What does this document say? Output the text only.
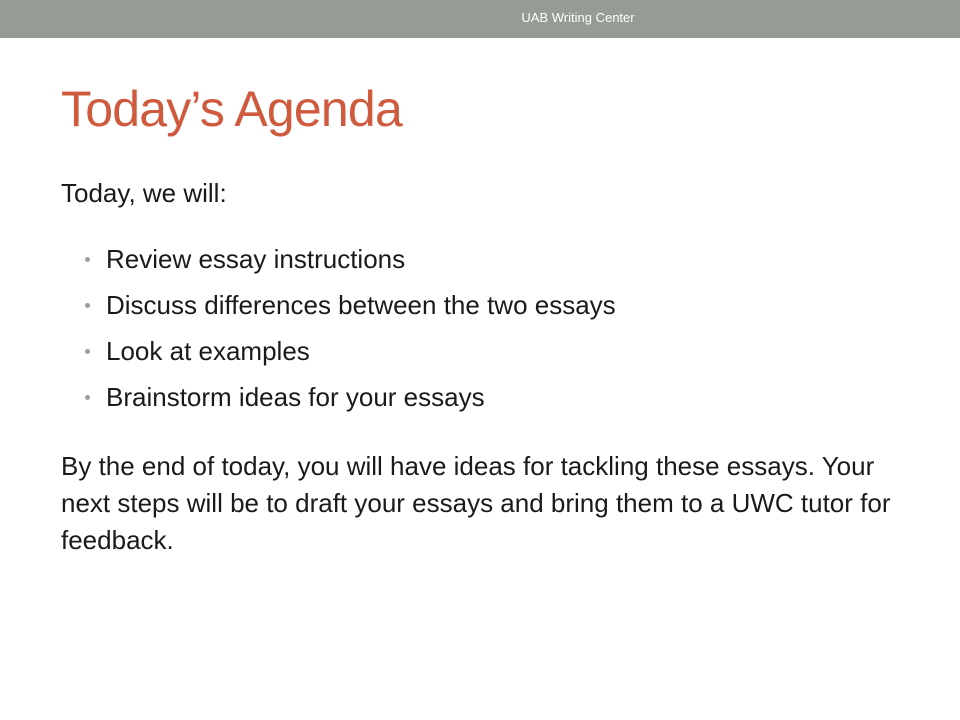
UAB Writing Center
Today’s Agenda

Today, we will:

Review essay instructions
Discuss differences between the two essays
Look at examples
Brainstorm ideas for your essays

By the end of today, you will have ideas for tackling these essays. Your next steps will be to draft your essays and bring them to a UWC tutor for feedback.
